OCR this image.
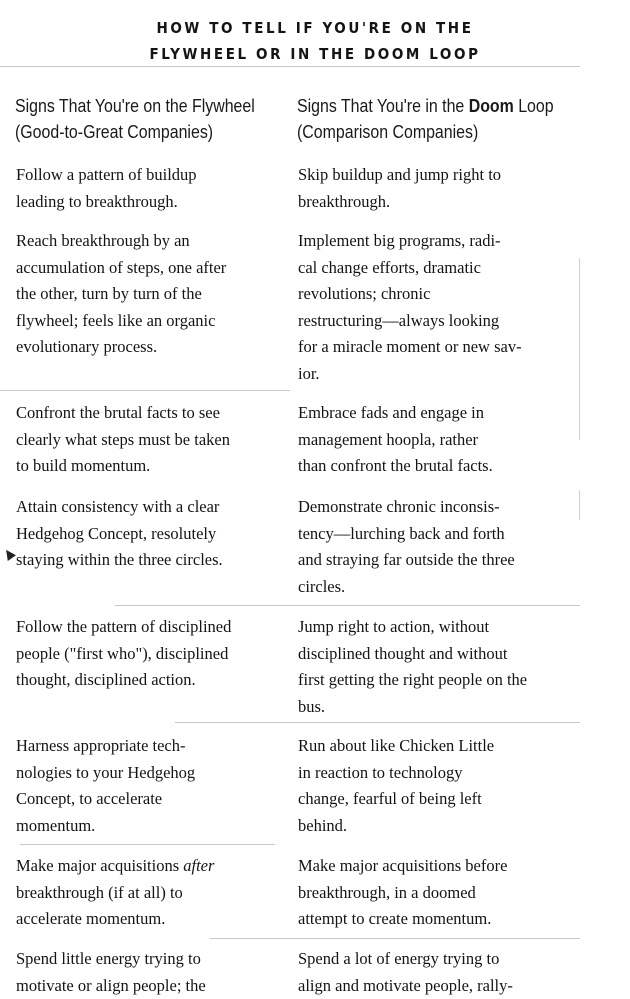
HOW TO TELL IF YOU'RE ON THE
FLYWHEEL OR IN THE DOOM LOOP
Signs That You're on the Flywheel
(Good-to-Great Companies)
Signs That You're in the Doom Loop
(Comparison Companies)
Follow a pattern of buildup
leading to breakthrough.
Skip buildup and jump right to
breakthrough.
Reach breakthrough by an
accumulation of steps, one after
the other, turn by turn of the
flywheel; feels like an organic
evolutionary process.
Implement big programs, radi-
cal change efforts, dramatic
revolutions; chronic
restructuring—always looking
for a miracle moment or new sav-
ior.
Confront the brutal facts to see
clearly what steps must be taken
to build momentum.
Embrace fads and engage in
management hoopla, rather
than confront the brutal facts.
Attain consistency with a clear
Hedgehog Concept, resolutely
staying within the three circles.
Demonstrate chronic inconsis-
tency—lurching back and forth
and straying far outside the three
circles.
Follow the pattern of disciplined
people ("first who"), disciplined
thought, disciplined action.
Jump right to action, without
disciplined thought and without
first getting the right people on the
bus.
Harness appropriate tech-
nologies to your Hedgehog
Concept, to accelerate
momentum.
Run about like Chicken Little
in reaction to technology
change, fearful of being left
behind.
Make major acquisitions after
breakthrough (if at all) to
accelerate momentum.
Make major acquisitions before
breakthrough, in a doomed
attempt to create momentum.
Spend little energy trying to
motivate or align people; the
Spend a lot of energy trying to
align and motivate people, rally-
